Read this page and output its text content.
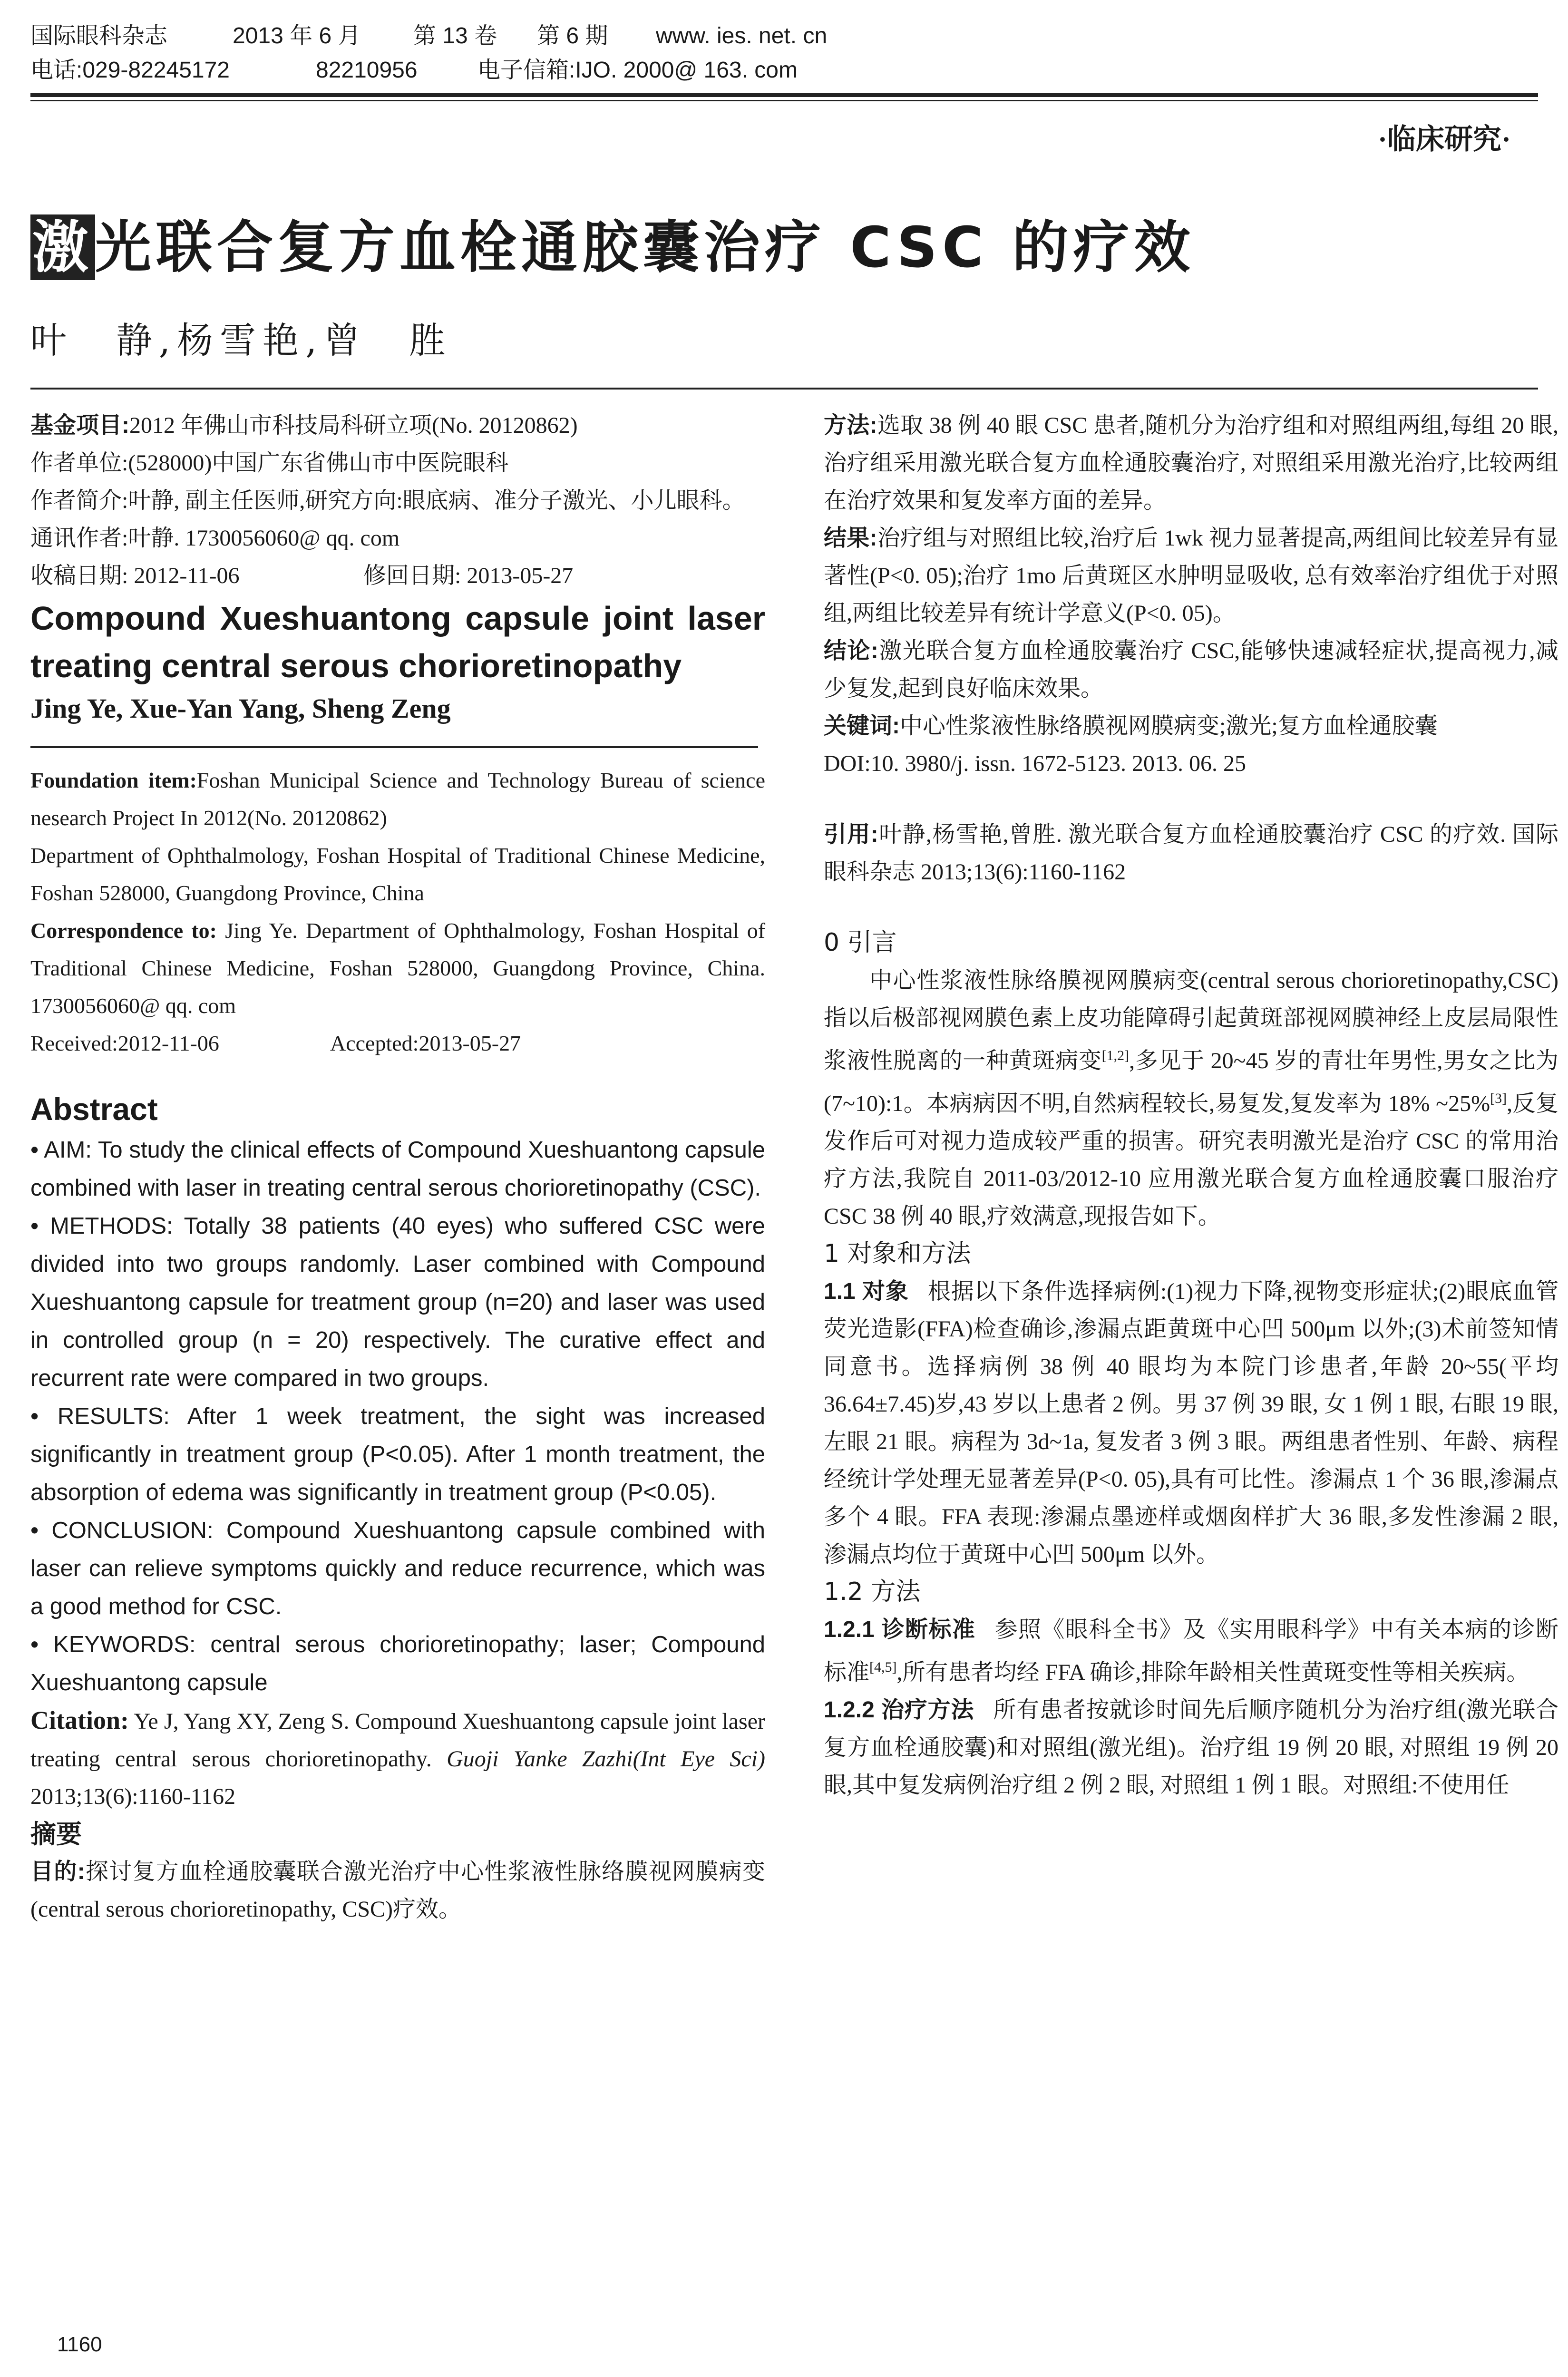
国际眼科杂志	2013 年 6 月	第 13 卷	第 6 期	www. ies. net. cn
电话:029-82245172	82210956	电子信箱:IJO. 2000@ 163. com
·临床研究·
激光联合复方血栓通胶囊治疗 CSC 的疗效
叶　静,杨雪艳,曾　胜

基金项目:2012 年佛山市科技局科研立项(No. 20120862)

作者单位:(528000)中国广东省佛山市中医院眼科

作者简介:叶静, 副主任医师,研究方向:眼底病、准分子激光、小儿眼科。

通讯作者:叶静. 1730056060@ qq. com

收稿日期: 2012-11-06	修回日期: 2013-05-27

Compound Xueshuantong capsule joint laser treating central serous chorioretinopathy

Jing Ye, Xue-Yan Yang, Sheng Zeng

Foundation item:Foshan Municipal Science and Technology Bureau of science nesearch Project In 2012(No. 20120862)

Department of Ophthalmology, Foshan Hospital of Traditional Chinese Medicine, Foshan 528000, Guangdong Province, China

Correspondence to: Jing Ye. Department of Ophthalmology, Foshan Hospital of Traditional Chinese Medicine, Foshan 528000, Guangdong Province, China. 1730056060@ qq. com

Received:2012-11-06	Accepted:2013-05-27

Abstract

• AIM: To study the clinical effects of Compound Xueshuantong capsule combined with laser in treating central serous chorioretinopathy (CSC).

• METHODS: Totally 38 patients (40 eyes) who suffered CSC were divided into two groups randomly. Laser combined with Compound Xueshuantong capsule for treatment group (n=20) and laser was used in controlled group (n = 20) respectively. The curative effect and recurrent rate were compared in two groups.

• RESULTS: After 1 week treatment, the sight was increased significantly in treatment group (P<0.05). After 1 month treatment, the absorption of edema was significantly in treatment group (P<0.05).

• CONCLUSION: Compound Xueshuantong capsule combined with laser can relieve symptoms quickly and reduce recurrence, which was a good method for CSC.

• KEYWORDS: central serous chorioretinopathy; laser; Compound Xueshuantong capsule

Citation: Ye J, Yang XY, Zeng S. Compound Xueshuantong capsule joint laser treating central serous chorioretinopathy. Guoji Yanke Zazhi(Int Eye Sci) 2013;13(6):1160-1162

摘要

目的:探讨复方血栓通胶囊联合激光治疗中心性浆液性脉络膜视网膜病变(central serous chorioretinopathy, CSC)疗效。

方法:选取 38 例 40 眼 CSC 患者,随机分为治疗组和对照组两组,每组 20 眼,治疗组采用激光联合复方血栓通胶囊治疗, 对照组采用激光治疗,比较两组在治疗效果和复发率方面的差异。

结果:治疗组与对照组比较,治疗后 1wk 视力显著提高,两组间比较差异有显著性(P<0. 05);治疗 1mo 后黄斑区水肿明显吸收, 总有效率治疗组优于对照组,两组比较差异有统计学意义(P<0. 05)。

结论:激光联合复方血栓通胶囊治疗 CSC,能够快速减轻症状,提高视力,减少复发,起到良好临床效果。

关键词:中心性浆液性脉络膜视网膜病变;激光;复方血栓通胶囊

DOI:10. 3980/j. issn. 1672-5123. 2013. 06. 25

引用:叶静,杨雪艳,曾胜. 激光联合复方血栓通胶囊治疗 CSC 的疗效. 国际眼科杂志 2013;13(6):1160-1162

0 引言

中心性浆液性脉络膜视网膜病变(central serous chorioretinopathy,CSC)指以后极部视网膜色素上皮功能障碍引起黄斑部视网膜神经上皮层局限性浆液性脱离的一种黄斑病变[1,2],多见于 20~45 岁的青壮年男性,男女之比为(7~10):1。本病病因不明,自然病程较长,易复发,复发率为 18% ~25%[3],反复发作后可对视力造成较严重的损害。研究表明激光是治疗 CSC 的常用治疗方法,我院自 2011-03/2012-10 应用激光联合复方血栓通胶囊口服治疗 CSC 38 例 40 眼,疗效满意,现报告如下。

1 对象和方法

1.1 对象 根据以下条件选择病例:(1)视力下降,视物变形症状;(2)眼底血管荧光造影(FFA)检查确诊,渗漏点距黄斑中心凹 500μm 以外;(3)术前签知情同意书。选择病例 38 例 40 眼均为本院门诊患者,年龄 20~55(平均 36.64±7.45)岁,43 岁以上患者 2 例。男 37 例 39 眼, 女 1 例 1 眼, 右眼 19 眼, 左眼 21 眼。病程为 3d~1a, 复发者 3 例 3 眼。两组患者性别、年龄、病程经统计学处理无显著差异(P<0. 05),具有可比性。渗漏点 1 个 36 眼,渗漏点多个 4 眼。FFA 表现:渗漏点墨迹样或烟囱样扩大 36 眼,多发性渗漏 2 眼,渗漏点均位于黄斑中心凹 500μm 以外。

1.2 方法

1.2.1 诊断标准 参照《眼科全书》及《实用眼科学》中有关本病的诊断标准[4,5],所有患者均经 FFA 确诊,排除年龄相关性黄斑变性等相关疾病。

1.2.2 治疗方法 所有患者按就诊时间先后顺序随机分为治疗组(激光联合复方血栓通胶囊)和对照组(激光组)。治疗组 19 例 20 眼, 对照组 19 例 20 眼,其中复发病例治疗组 2 例 2 眼, 对照组 1 例 1 眼。对照组:不使用任

1160
